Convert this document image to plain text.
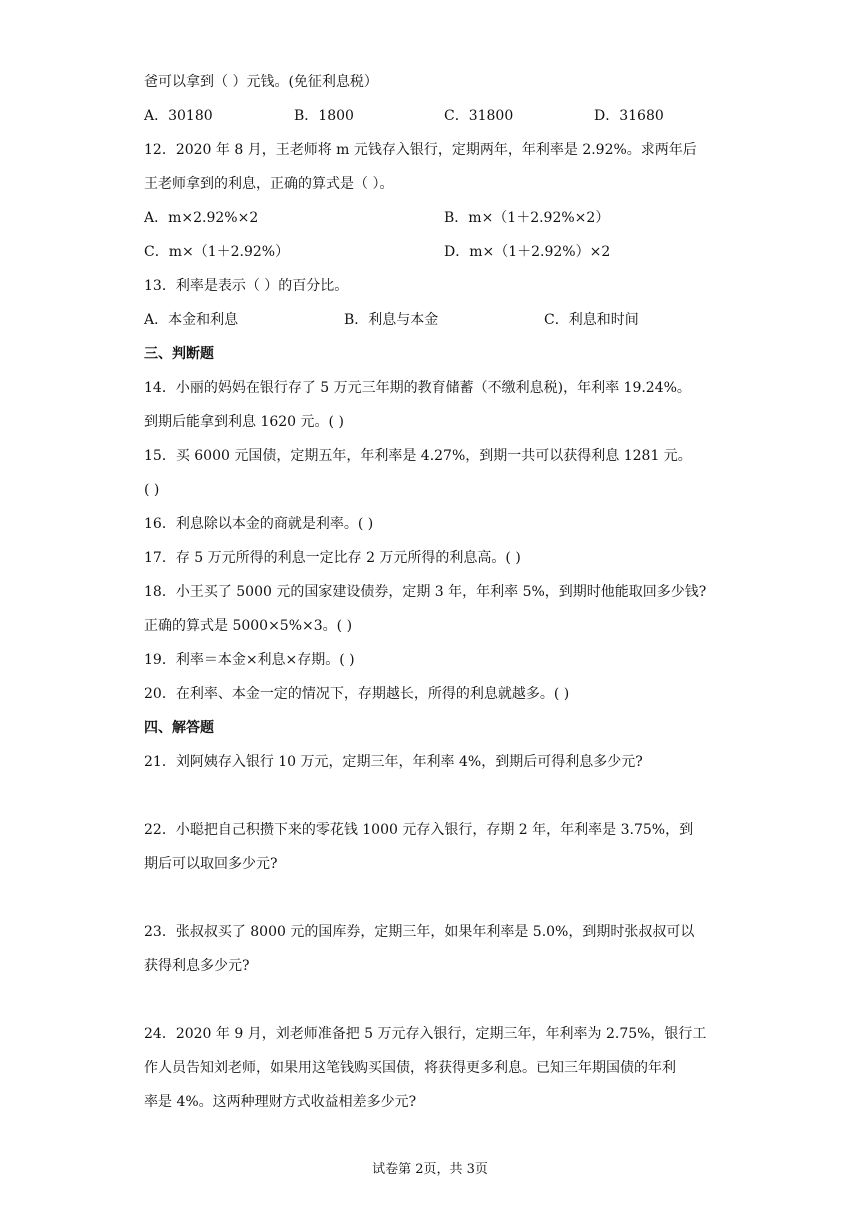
爸可以拿到（ ）元钱。(免征利息税）
A．30180	B．1800	C．31800	D．31680
12．2020 年 8 月，王老师将 m 元钱存入银行，定期两年，年利率是 2.92%。求两年后
王老师拿到的利息，正确的算式是（ ）。
A．m×2.92%×2	B．m×（1＋2.92%×2）
C．m×（1＋2.92%）	D．m×（1＋2.92%）×2
13．利率是表示（ ）的百分比。
A．本金和利息	B．利息与本金	C．利息和时间
三、判断题
14．小丽的妈妈在银行存了 5 万元三年期的教育储蓄（不缴利息税)，年利率 19.24%。
到期后能拿到利息 1620 元。( )
15．买 6000 元国债，定期五年，年利率是 4.27%，到期一共可以获得利息 1281 元。
( )
16．利息除以本金的商就是利率。( )
17．存 5 万元所得的利息一定比存 2 万元所得的利息高。( )
18．小王买了 5000 元的国家建设债券，定期 3 年，年利率 5%，到期时他能取回多少钱?
正确的算式是 5000×5%×3。( )
19．利率＝本金×利息×存期。( )
20．在利率、本金一定的情况下，存期越长，所得的利息就越多。( )
四、解答题
21．刘阿姨存入银行 10 万元，定期三年，年利率 4%，到期后可得利息多少元?
22．小聪把自己积攒下来的零花钱 1000 元存入银行，存期 2 年，年利率是 3.75%，到
期后可以取回多少元?
23．张叔叔买了 8000 元的国库券，定期三年，如果年利率是 5.0%，到期时张叔叔可以
获得利息多少元?
24．2020 年 9 月，刘老师准备把 5 万元存入银行，定期三年，年利率为 2.75%，银行工
作人员告知刘老师，如果用这笔钱购买国债，将获得更多利息。已知三年期国债的年利
率是 4%。这两种理财方式收益相差多少元?
试卷第 2页，共 3页
